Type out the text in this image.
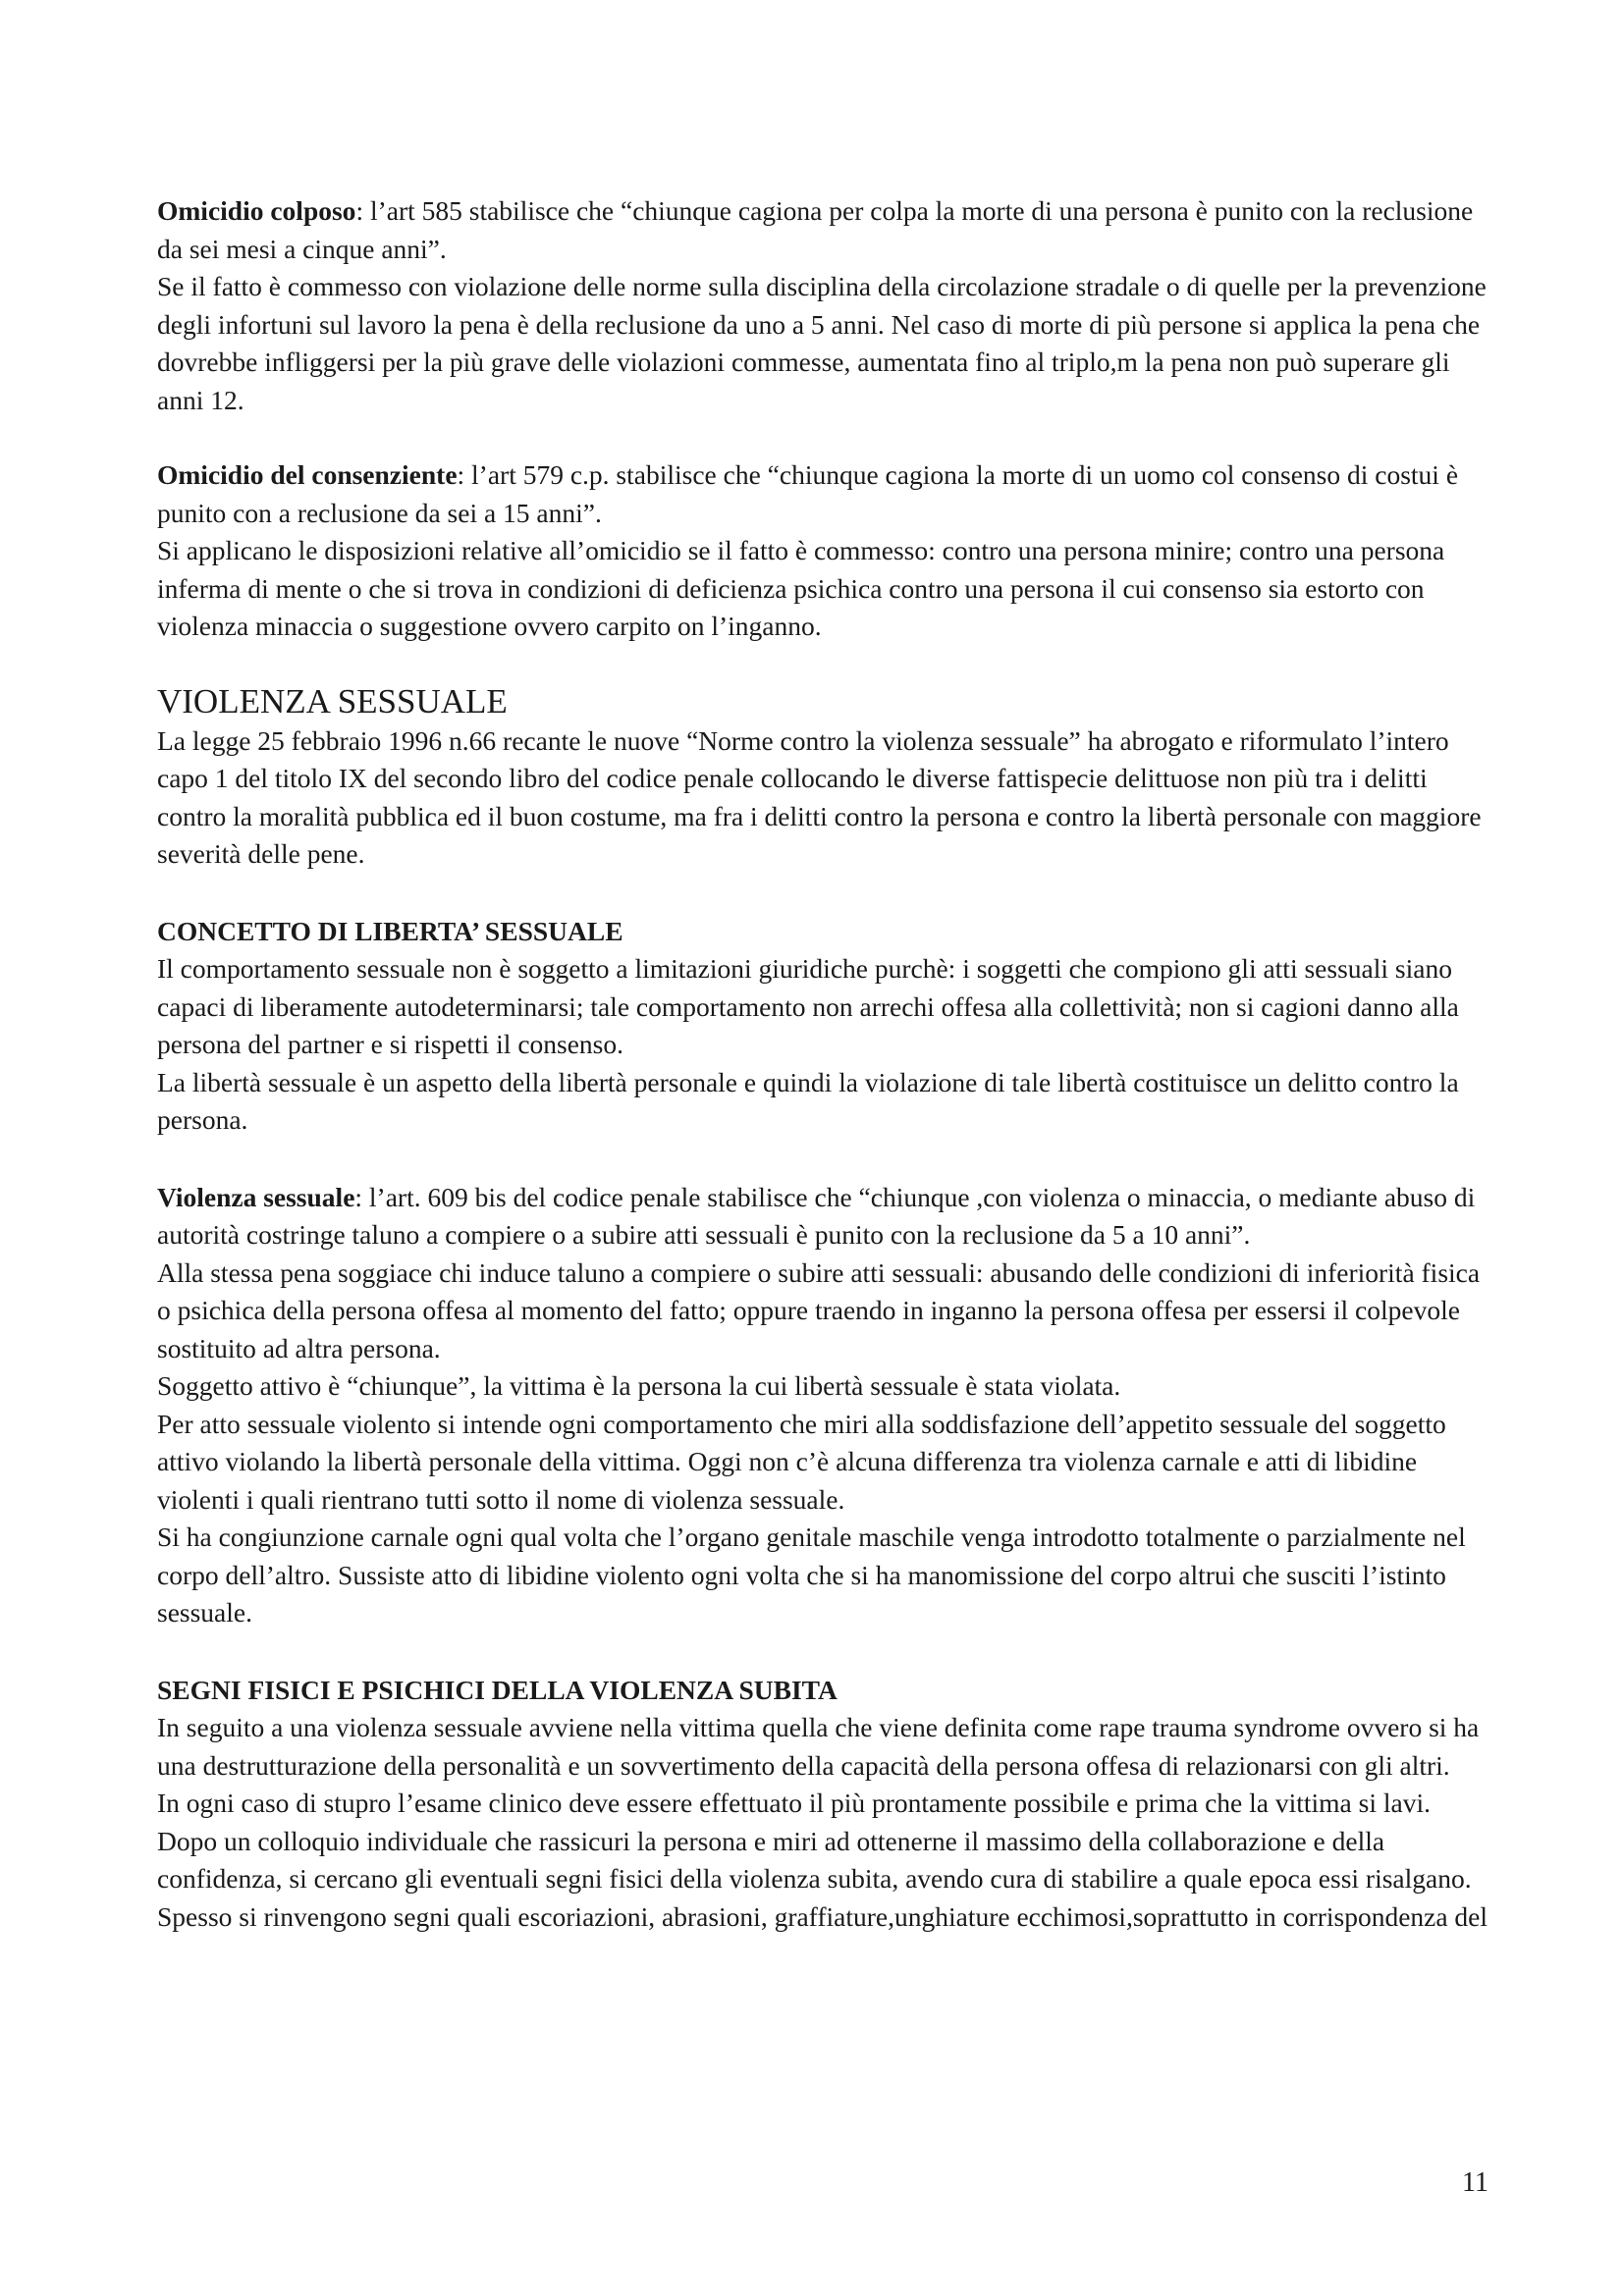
Omicidio colposo: l’art 585 stabilisce che “chiunque cagiona per colpa la morte di una persona è punito con la reclusione da sei mesi a cinque anni”.

Se il fatto è commesso con violazione delle norme sulla disciplina della circolazione stradale o di quelle per la prevenzione degli infortuni sul lavoro la pena è della reclusione da uno a 5 anni. Nel caso di morte di più persone si applica la pena che dovrebbe infliggersi per la più grave delle violazioni commesse, aumentata fino al triplo,m la pena non può superare gli anni 12.

Omicidio del consenziente: l’art 579 c.p. stabilisce che “chiunque cagiona la morte di un uomo col consenso di costui è punito con a reclusione da sei a 15 anni”.

Si applicano le disposizioni relative all’omicidio se il fatto è commesso: contro una persona minire; contro una persona inferma di mente o che si trova in condizioni di deficienza psichica contro una persona il cui consenso sia estorto con violenza minaccia o suggestione ovvero carpito on l’inganno.

VIOLENZA SESSUALE

La legge 25 febbraio 1996 n.66 recante le nuove “Norme contro la violenza sessuale” ha abrogato e riformulato l’intero capo 1 del titolo IX del secondo libro del codice penale collocando le diverse fattispecie delittuose non più tra i delitti contro la moralità pubblica ed il buon costume, ma fra i delitti contro la persona e contro la libertà personale con maggiore severità delle pene.

CONCETTO DI LIBERTA’ SESSUALE

Il comportamento sessuale non è soggetto a limitazioni giuridiche purchè: i soggetti che compiono gli atti sessuali siano capaci di liberamente autodeterminarsi; tale comportamento non arrechi offesa alla collettività; non si cagioni danno alla persona del partner e si rispetti il consenso.

La libertà sessuale è un aspetto della libertà personale e quindi la violazione di tale libertà costituisce un delitto contro la persona.

Violenza sessuale: l’art. 609 bis del codice penale stabilisce che “chiunque ,con violenza o minaccia, o mediante abuso di autorità costringe taluno a compiere o a subire atti sessuali è punito con la reclusione da 5 a 10 anni”.

Alla stessa pena soggiace chi induce taluno a compiere o subire atti sessuali: abusando delle condizioni di inferiorità fisica o psichica della persona offesa al momento del fatto; oppure traendo in inganno la persona offesa per essersi il colpevole sostituito ad altra persona.

Soggetto attivo è “chiunque”, la vittima è la persona la cui libertà sessuale è stata violata.

Per atto sessuale violento si intende ogni comportamento che miri alla soddisfazione dell’appetito sessuale del soggetto attivo violando la libertà personale della vittima. Oggi non c’è alcuna differenza tra violenza carnale e atti di libidine violenti i quali rientrano tutti sotto il nome di violenza sessuale.

Si ha congiunzione carnale ogni qual volta che l’organo genitale maschile venga introdotto totalmente o parzialmente nel corpo dell’altro. Sussiste atto di libidine violento ogni volta che si ha manomissione del corpo altrui che susciti l’istinto sessuale.

SEGNI FISICI E PSICHICI DELLA VIOLENZA SUBITA

In seguito a una violenza sessuale avviene nella vittima quella che viene definita come rape trauma syndrome ovvero si ha una destrutturazione della personalità e un sovvertimento della capacità della persona offesa di relazionarsi con gli altri.

In ogni caso di stupro l’esame clinico deve essere effettuato il più prontamente possibile e prima che la vittima si lavi. Dopo un colloquio individuale che rassicuri la persona e miri ad ottenerne il massimo della collaborazione e della confidenza, si cercano gli eventuali segni fisici della violenza subita, avendo cura di stabilire a quale epoca essi risalgano. Spesso si rinvengono segni quali escoriazioni, abrasioni, graffiature,unghiature ecchimosi,soprattutto in corrispondenza del

11
